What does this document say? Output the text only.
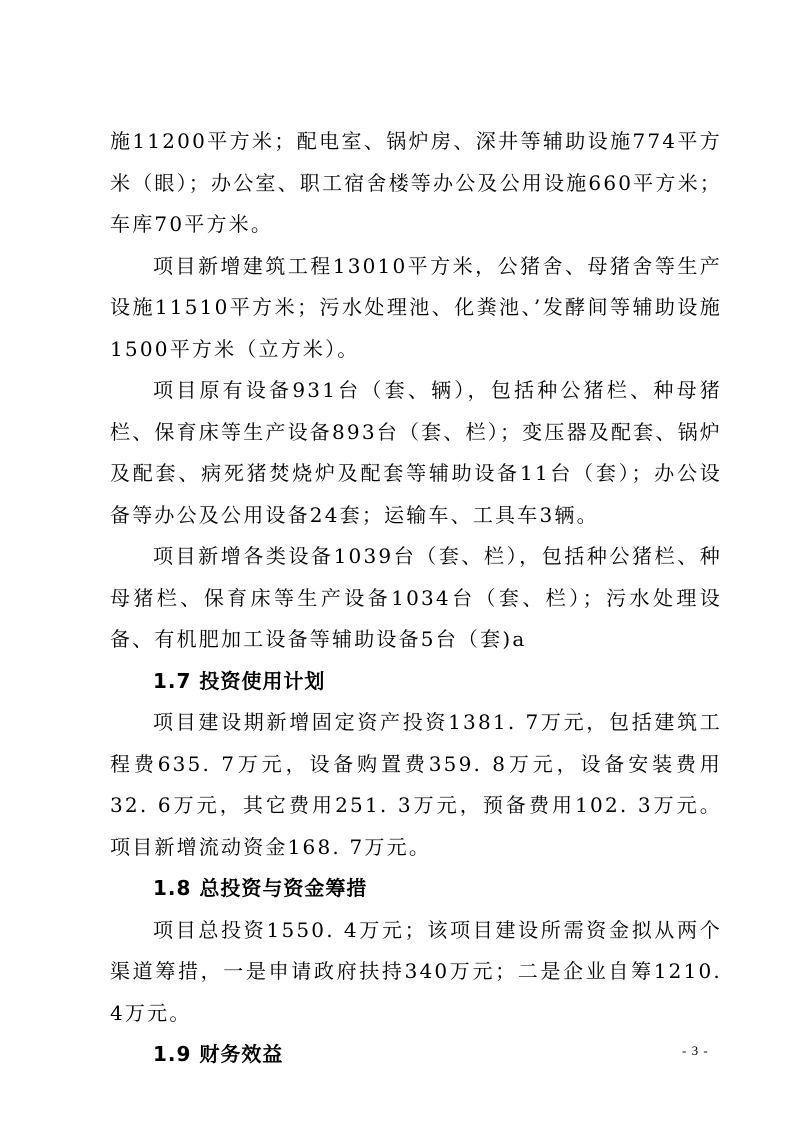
施11200平方米；配电室、锅炉房、深井等辅助设施774平方米（眼）；办公室、职工宿舍楼等办公及公用设施660平方米；车库70平方米。

项目新增建筑工程13010平方米，公猪舍、母猪舍等生产设施11510平方米；污水处理池、化粪池、’发酵间等辅助设施1500平方米（立方米）。

项目原有设备931台（套、辆），包括种公猪栏、种母猪栏、保育床等生产设备893台（套、栏）；变压器及配套、锅炉及配套、病死猪焚烧炉及配套等辅助设备11台（套）；办公设备等办公及公用设备24套；运输车、工具车3辆。

项目新增各类设备1039台（套、栏），包括种公猪栏、种母猪栏、保育床等生产设备1034台（套、栏）；污水处理设备、有机肥加工设备等辅助设备5台（套)a

1.7 投资使用计划

项目建设期新增固定资产投资1381. 7万元，包括建筑工程费635. 7万元，设备购置费359. 8万元，设备安装费用32. 6万元，其它费用251. 3万元，预备费用102. 3万元。项目新增流动资金168. 7万元。

1.8 总投资与资金筹措

项目总投资1550. 4万元；该项目建设所需资金拟从两个渠道筹措，一是申请政府扶持340万元；二是企业自筹1210. 4万元。

1.9 财务效益	- 3 -
